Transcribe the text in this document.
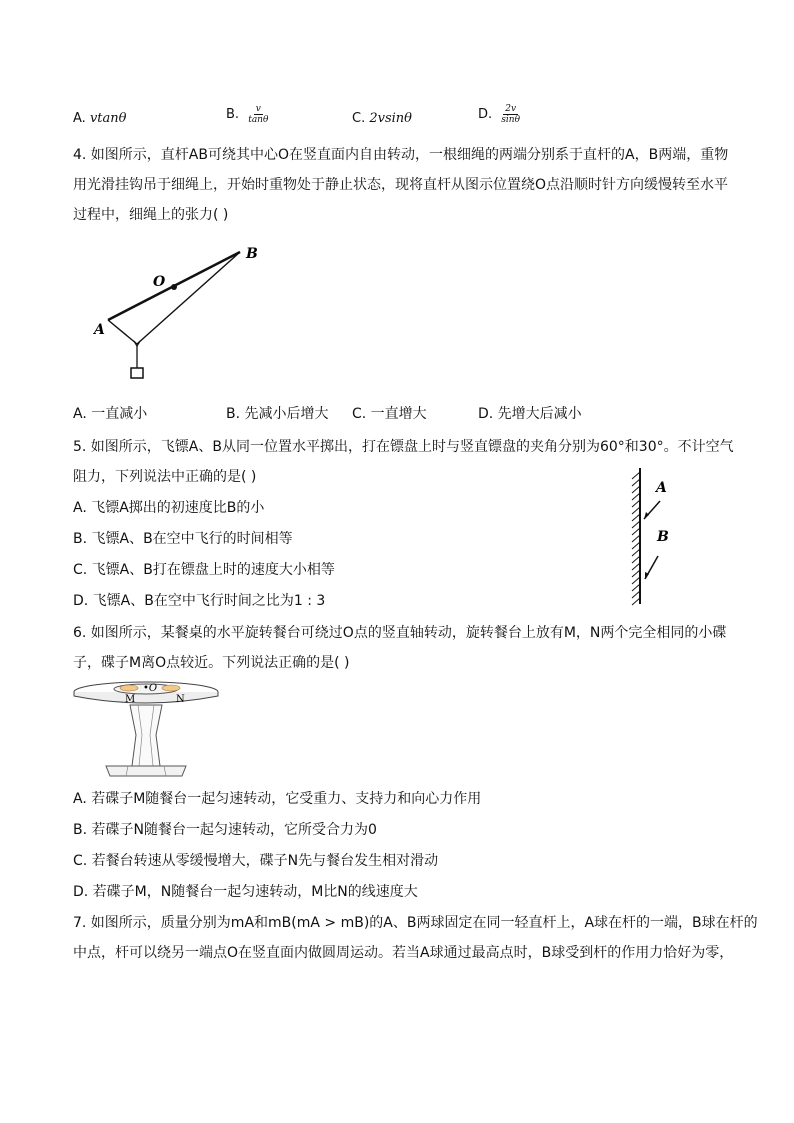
A. vtanθ	B. $\frac{v}{\tan\theta}$	C. 2vsinθ	D. $\frac{2v}{\sin\theta}$
4. 如图所示，直杆AB可绕其中心O在竖直面内自由转动，一根细绳的两端分别系于直杆的A，B两端，重物
用光滑挂钩吊于细绳上，开始时重物处于静止状态，现将直杆从图示位置绕O点沿顺时针方向缓慢转至水平
过程中，细绳上的张力( )
A
B
O
A. 一直减小	B. 先减小后增大 C. 一直增大	D. 先增大后减小
5. 如图所示，飞镖A、B从同一位置水平掷出，打在镖盘上时与竖直镖盘的夹角分别为60°和30°。不计空气
阻力，下列说法中正确的是( )
A. 飞镖A掷出的初速度比B的小
B. 飞镖A、B在空中飞行的时间相等
C. 飞镖A、B打在镖盘上时的速度大小相等
D. 飞镖A、B在空中飞行时间之比为1 : 3
A
B
6. 如图所示，某餐桌的水平旋转餐台可绕过O点的竖直轴转动，旋转餐台上放有M，N两个完全相同的小碟
子，碟子M离O点较近。下列说法正确的是( )
•O
M	N
A. 若碟子M随餐台一起匀速转动，它受重力、支持力和向心力作用
B. 若碟子N随餐台一起匀速转动，它所受合力为0
C. 若餐台转速从零缓慢增大，碟子N先与餐台发生相对滑动
D. 若碟子M，N随餐台一起匀速转动，M比N的线速度大
7. 如图所示，质量分别为mA和mB(mA > mB)的A、B两球固定在同一轻直杆上，A球在杆的一端，B球在杆的
中点，杆可以绕另一端点O在竖直面内做圆周运动。若当A球通过最高点时，B球受到杆的作用力恰好为零，
